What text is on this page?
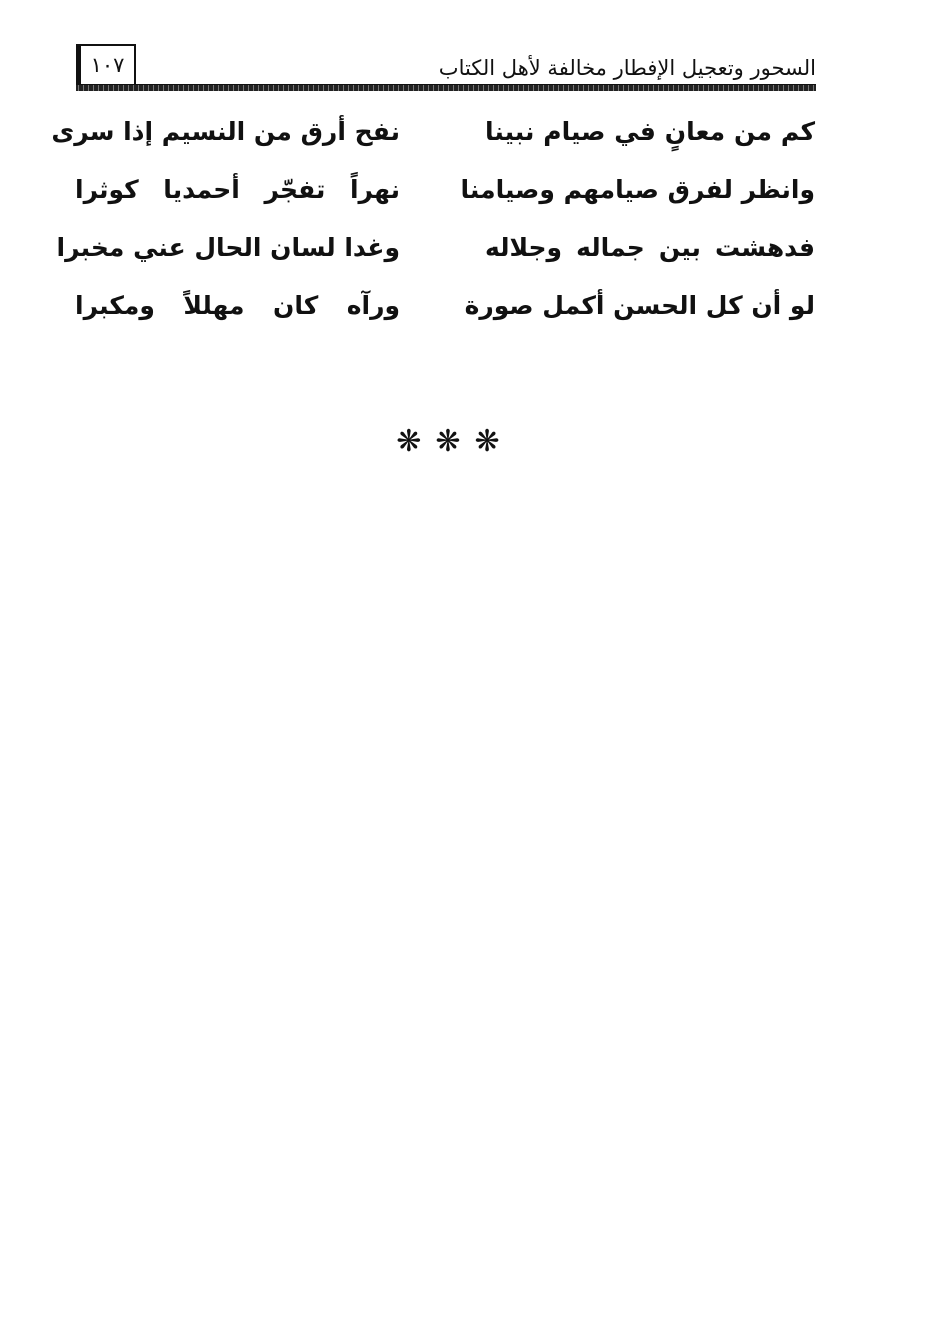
١٠٧	السحور وتعجيل الإفطار مخالفة لأهل الكتاب
كم من معانٍ في صيام نبينا
نفح أرق من النسيم إذا سرى
وانظر لفرق صيامهم وصيامنا
نهراً تفجّر أحمديا كوثرا
فدهشت بين جماله وجلاله
وغدا لسان الحال عني مخبرا
لو أن كل الحسن أكمل صورة
ورآه كان مهللاً ومكبرا
❋❋❋
